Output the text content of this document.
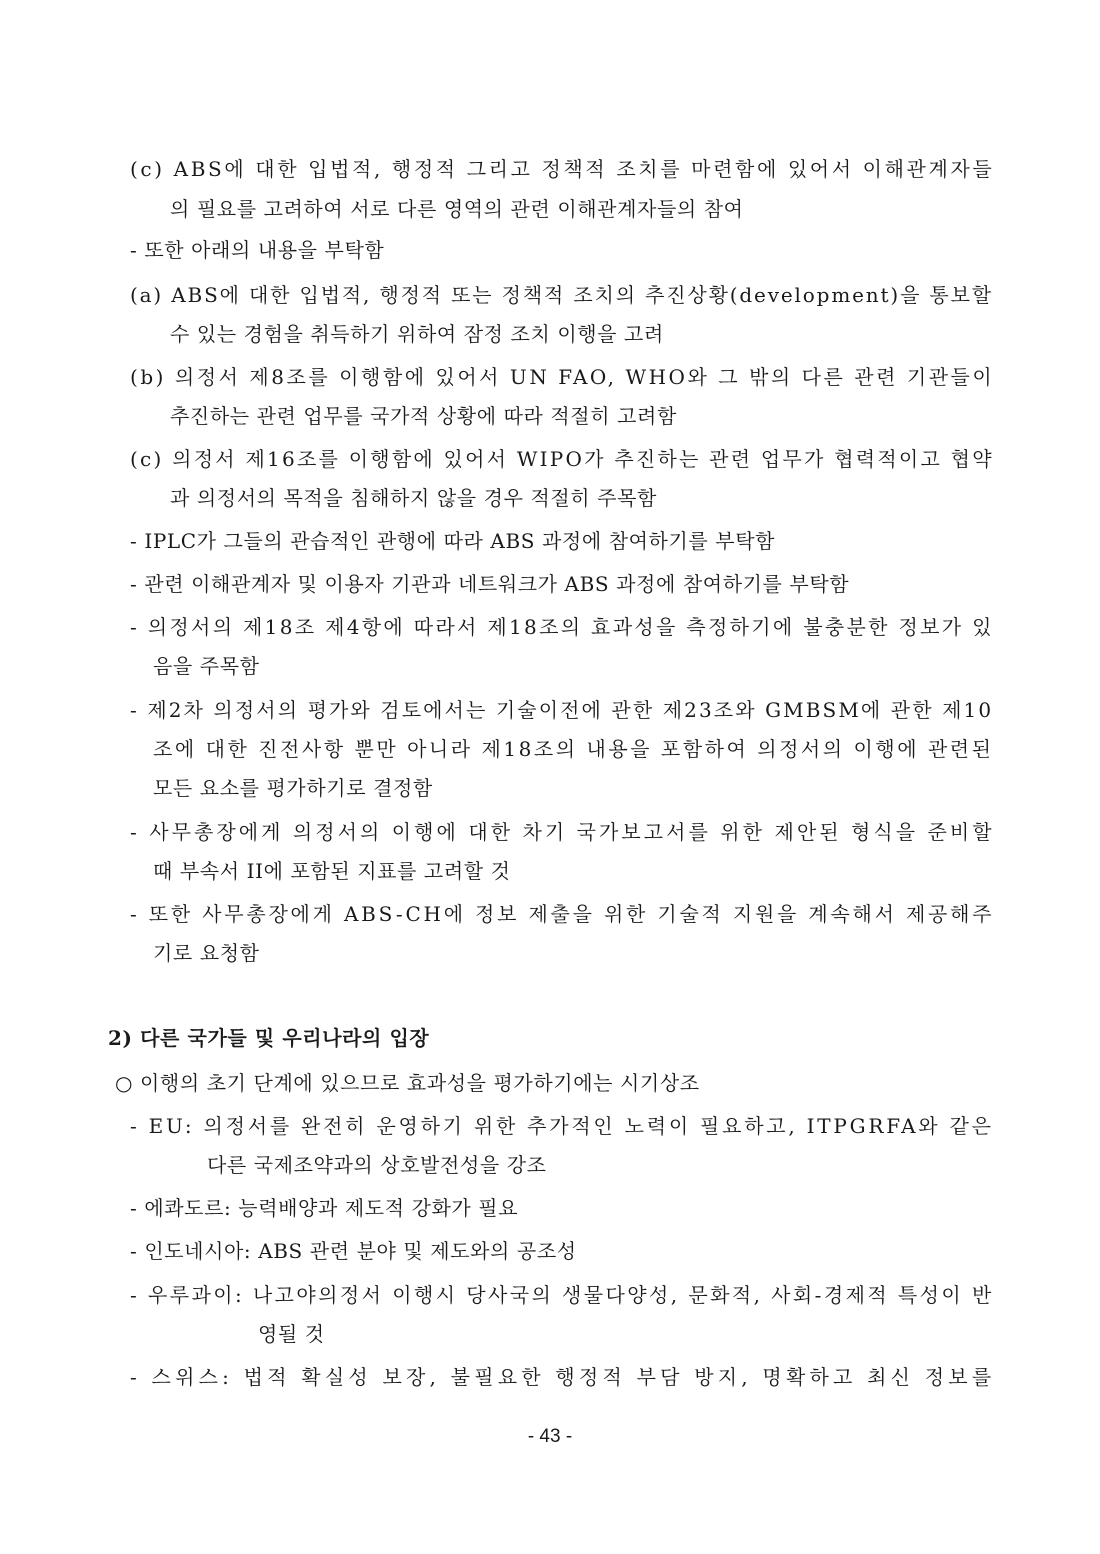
(c) ABS에 대한 입법적, 행정적 그리고 정책적 조치를 마련함에 있어서 이해관계자들
의 필요를 고려하여 서로 다른 영역의 관련 이해관계자들의 참여
- 또한 아래의 내용을 부탁함
(a) ABS에 대한 입법적, 행정적 또는 정책적 조치의 추진상황(development)을 통보할
수 있는 경험을 취득하기 위하여 잠정 조치 이행을 고려
(b) 의정서 제8조를 이행함에 있어서 UN FAO, WHO와 그 밖의 다른 관련 기관들이
추진하는 관련 업무를 국가적 상황에 따라 적절히 고려함
(c) 의정서 제16조를 이행함에 있어서 WIPO가 추진하는 관련 업무가 협력적이고 협약
과 의정서의 목적을 침해하지 않을 경우 적절히 주목함
- IPLC가 그들의 관습적인 관행에 따라 ABS 과정에 참여하기를 부탁함
- 관련 이해관계자 및 이용자 기관과 네트워크가 ABS 과정에 참여하기를 부탁함
- 의정서의 제18조 제4항에 따라서 제18조의 효과성을 측정하기에 불충분한 정보가 있
음을 주목함
- 제2차 의정서의 평가와 검토에서는 기술이전에 관한 제23조와 GMBSM에 관한 제10
조에 대한 진전사항 뿐만 아니라 제18조의 내용을 포함하여 의정서의 이행에 관련된
모든 요소를 평가하기로 결정함
- 사무총장에게 의정서의 이행에 대한 차기 국가보고서를 위한 제안된 형식을 준비할
때 부속서 II에 포함된 지표를 고려할 것
- 또한 사무총장에게 ABS-CH에 정보 제출을 위한 기술적 지원을 계속해서 제공해주
기로 요청함
2) 다른 국가들 및 우리나라의 입장
○ 이행의 초기 단계에 있으므로 효과성을 평가하기에는 시기상조
- EU: 의정서를 완전히 운영하기 위한 추가적인 노력이 필요하고, ITPGRFA와 같은
다른 국제조약과의 상호발전성을 강조
- 에콰도르: 능력배양과 제도적 강화가 필요
- 인도네시아: ABS 관련 분야 및 제도와의 공조성
- 우루과이: 나고야의정서 이행시 당사국의 생물다양성, 문화적, 사회-경제적 특성이 반
영될 것
- 스위스: 법적 확실성 보장, 불필요한 행정적 부담 방지, 명확하고 최신 정보를
- 43 -
